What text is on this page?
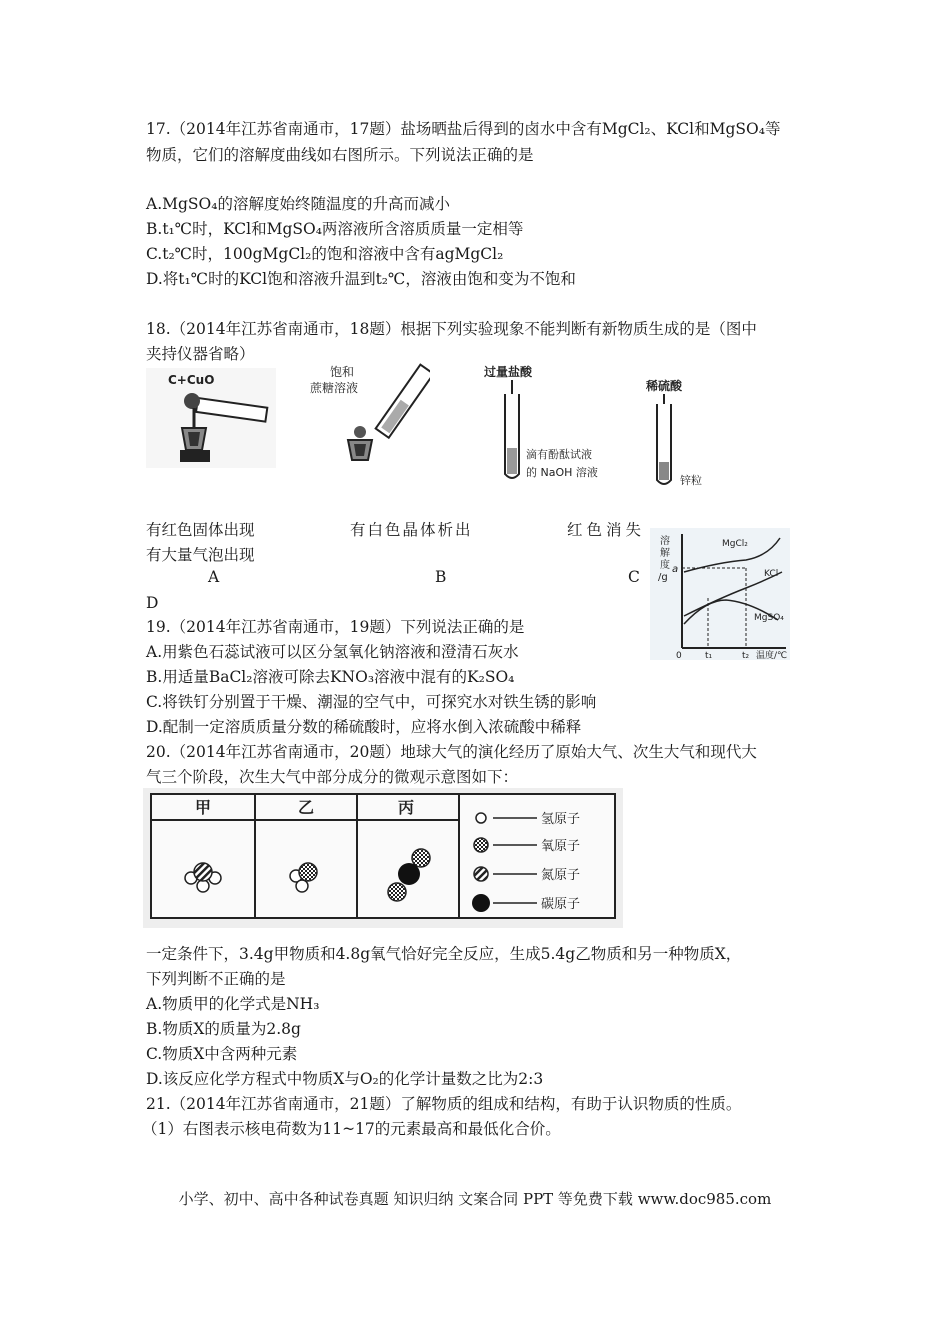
17.（2014年江苏省南通市，17题）盐场晒盐后得到的卤水中含有MgCl₂、KCl和MgSO₄等
物质，它们的溶解度曲线如右图所示。下列说法正确的是
A.MgSO₄的溶解度始终随温度的升高而减小
B.t₁℃时，KCl和MgSO₄两溶液所含溶质质量一定相等
C.t₂℃时，100gMgCl₂的饱和溶液中含有agMgCl₂
D.将t₁℃时的KCl饱和溶液升温到t₂℃，溶液由饱和变为不饱和
18.（2014年江苏省南通市，18题）根据下列实验现象不能判断有新物质生成的是（图中
夹持仪器省略）
C+CuO
饱和
蔗糖溶液
过量盐酸
滴有酚酞试液
的 NaOH 溶液
稀硫酸
锌粒
有红色固体出现	有白色晶体析出	红色消失
有大量气泡出现
A	B	C
D
溶
解
度
/g
a
MgCl₂
KCl
MgSO₄
0	t₁	t₂ 温度/℃
19.（2014年江苏省南通市，19题）下列说法正确的是
A.用紫色石蕊试液可以区分氢氧化钠溶液和澄清石灰水
B.用适量BaCl₂溶液可除去KNO₃溶液中混有的K₂SO₄
C.将铁钉分别置于干燥、潮湿的空气中，可探究水对铁生锈的影响
D.配制一定溶质质量分数的稀硫酸时，应将水倒入浓硫酸中稀释
20.（2014年江苏省南通市，20题）地球大气的演化经历了原始大气、次生大气和现代大
气三个阶段，次生大气中部分成分的微观示意图如下：
甲	乙	丙
氢原子
氧原子
氮原子
碳原子
一定条件下，3.4g甲物质和4.8g氧气恰好完全反应，生成5.4g乙物质和另一种物质X，
下列判断不正确的是
A.物质甲的化学式是NH₃
B.物质X的质量为2.8g
C.物质X中含两种元素
D.该反应化学方程式中物质X与O₂的化学计量数之比为2:3
21.（2014年江苏省南通市，21题）了解物质的组成和结构，有助于认识物质的性质。
（1）右图表示核电荷数为11~17的元素最高和最低化合价。
小学、初中、高中各种试卷真题 知识归纳 文案合同 PPT 等免费下载 www.doc985.com
